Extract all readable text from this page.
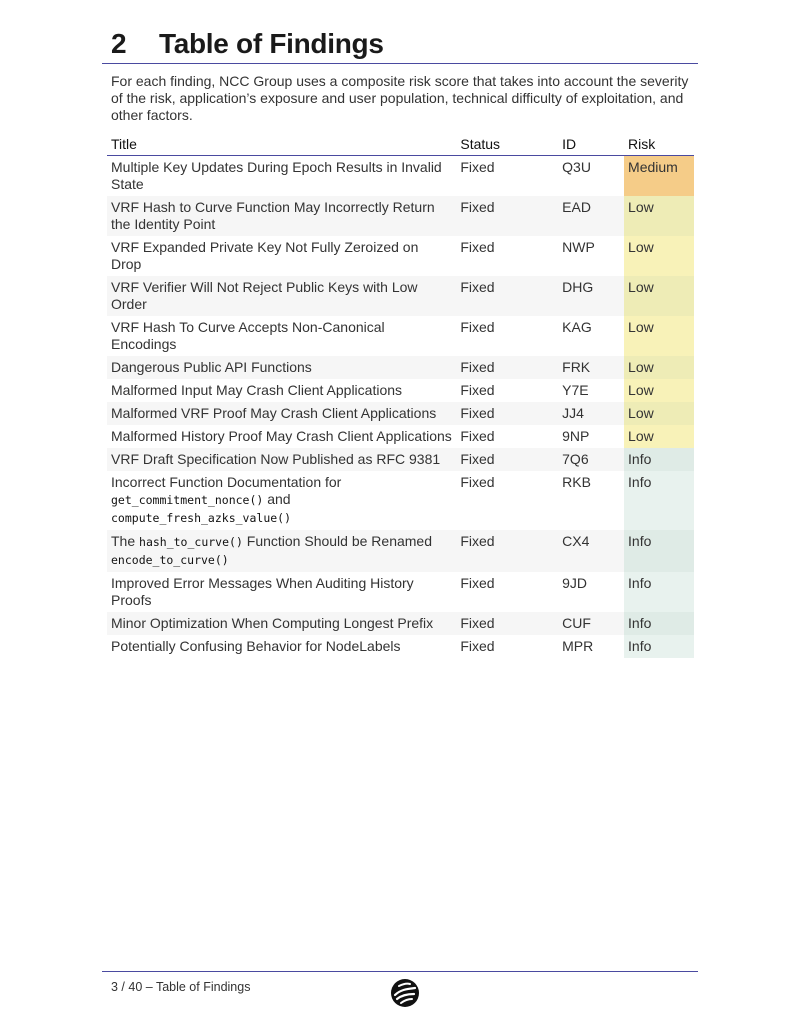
2 Table of Findings
For each finding, NCC Group uses a composite risk score that takes into account the severity of the risk, application’s exposure and user population, technical difficulty of exploitation, and other factors.
Title	Status	ID	Risk
Multiple Key Updates During Epoch Results in Invalid State	Fixed	Q3U	Medium
VRF Hash to Curve Function May Incorrectly Return the Identity Point	Fixed	EAD	Low
VRF Expanded Private Key Not Fully Zeroized on Drop	Fixed	NWP	Low
VRF Verifier Will Not Reject Public Keys with Low Order	Fixed	DHG	Low
VRF Hash To Curve Accepts Non-Canonical Encodings	Fixed	KAG	Low
Dangerous Public API Functions	Fixed	FRK	Low
Malformed Input May Crash Client Applications	Fixed	Y7E	Low
Malformed VRF Proof May Crash Client Applications	Fixed	JJ4	Low
Malformed History Proof May Crash Client Applications	Fixed	9NP	Low
VRF Draft Specification Now Published as RFC 9381	Fixed	7Q6	Info
Incorrect Function Documentation for get_commitment_nonce() and compute_fresh_azks_value()	Fixed	RKB	Info
The hash_to_curve() Function Should be Renamed encode_to_curve()	Fixed	CX4	Info
Improved Error Messages When Auditing History Proofs	Fixed	9JD	Info
Minor Optimization When Computing Longest Prefix	Fixed	CUF	Info
Potentially Confusing Behavior for NodeLabels	Fixed	MPR	Info
3 / 40 – Table of Findings
